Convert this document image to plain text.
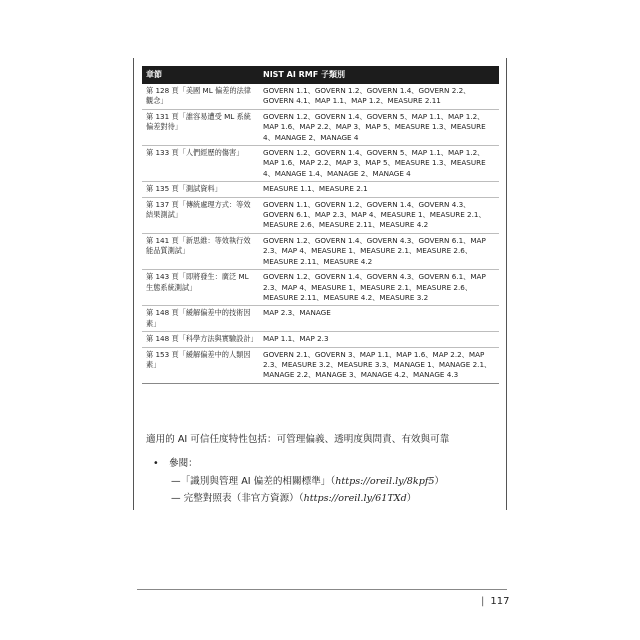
章節	NIST AI RMF 子類別
第 128 頁「美國 ML 偏差的法律觀念」	GOVERN 1.1、GOVERN 1.2、GOVERN 1.4、GOVERN 2.2、GOVERN 4.1、MAP 1.1、MAP 1.2、MEASURE 2.11
第 131 頁「誰容易遭受 ML 系統偏差對待」	GOVERN 1.2、GOVERN 1.4、GOVERN 5、MAP 1.1、MAP 1.2、MAP 1.6、MAP 2.2、MAP 3、MAP 5、MEASURE 1.3、MEASURE 4、MANAGE 2、MANAGE 4
第 133 頁「人們經歷的傷害」	GOVERN 1.2、GOVERN 1.4、GOVERN 5、MAP 1.1、MAP 1.2、MAP 1.6、MAP 2.2、MAP 3、MAP 5、MEASURE 1.3、MEASURE 4、MANAGE 1.4、MANAGE 2、MANAGE 4
第 135 頁「測試資料」	MEASURE 1.1、MEASURE 2.1
第 137 頁「傳統處理方式：等效結果測試」	GOVERN 1.1、GOVERN 1.2、GOVERN 1.4、GOVERN 4.3、GOVERN 6.1、MAP 2.3、MAP 4、MEASURE 1、MEASURE 2.1、MEASURE 2.6、MEASURE 2.11、MEASURE 4.2
第 141 頁「新思維：等效執行效能品質測試」	GOVERN 1.2、GOVERN 1.4、GOVERN 4.3、GOVERN 6.1、MAP 2.3、MAP 4、MEASURE 1、MEASURE 2.1、MEASURE 2.6、MEASURE 2.11、MEASURE 4.2
第 143 頁「即將發生：廣泛 ML 生態系統測試」	GOVERN 1.2、GOVERN 1.4、GOVERN 4.3、GOVERN 6.1、MAP 2.3、MAP 4、MEASURE 1、MEASURE 2.1、MEASURE 2.6、MEASURE 2.11、MEASURE 4.2、MEASURE 3.2
第 148 頁「緩解偏差中的技術因素」	MAP 2.3、MANAGE
第 148 頁「科學方法與實驗設計」	MAP 1.1、MAP 2.3
第 153 頁「緩解偏差中的人類因素」	GOVERN 2.1、GOVERN 3、MAP 1.1、MAP 1.6、MAP 2.2、MAP 2.3、MEASURE 3.2、MEASURE 3.3、MANAGE 1、MANAGE 2.1、MANAGE 2.2、MANAGE 3、MANAGE 4.2、MANAGE 4.3
適用的 AI 可信任度特性包括：可管理偏義、透明度與問責、有效與可靠
• 參閱：
—「識別與管理 AI 偏差的相關標準」（https://oreil.ly/8kpf5）
— 完整對照表（非官方資源）（https://oreil.ly/61TXd）
| 117
